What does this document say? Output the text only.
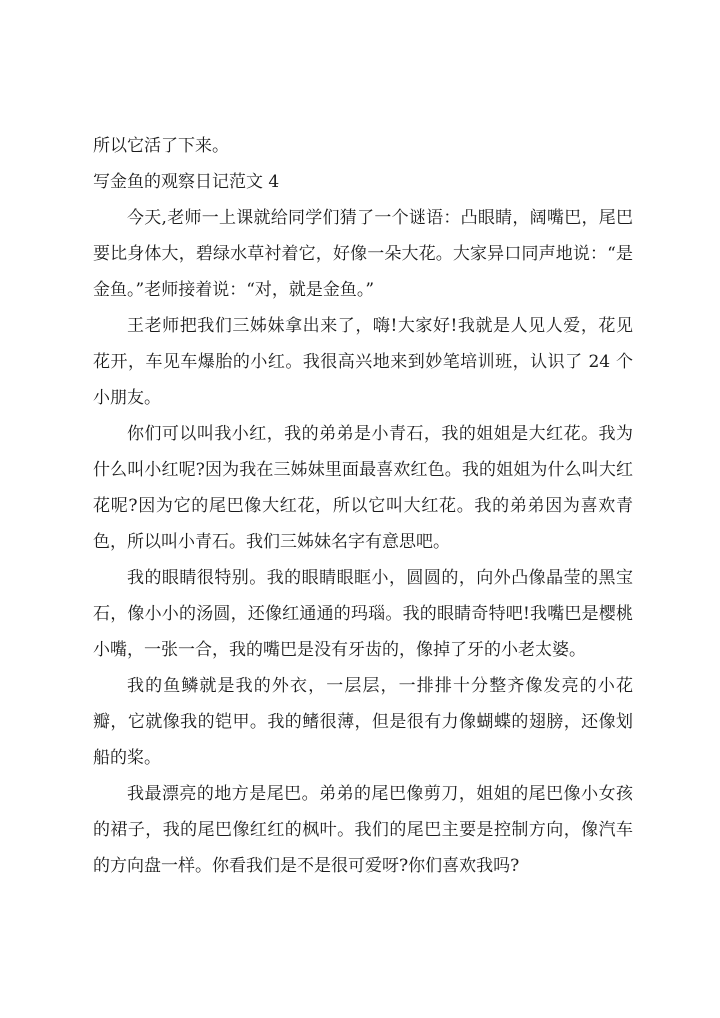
所以它活了下来。

写金鱼的观察日记范文 4

今天,老师一上课就给同学们猜了一个谜语：凸眼睛，阔嘴巴，尾巴要比身体大，碧绿水草衬着它，好像一朵大花。大家异口同声地说：“是金鱼。”老师接着说：“对，就是金鱼。”

王老师把我们三姊妹拿出来了，嗨!大家好!我就是人见人爱，花见花开，车见车爆胎的小红。我很高兴地来到妙笔培训班，认识了 24 个小朋友。

你们可以叫我小红，我的弟弟是小青石，我的姐姐是大红花。我为什么叫小红呢?因为我在三姊妹里面最喜欢红色。我的姐姐为什么叫大红花呢?因为它的尾巴像大红花，所以它叫大红花。我的弟弟因为喜欢青色，所以叫小青石。我们三姊妹名字有意思吧。

我的眼睛很特别。我的眼睛眼眶小，圆圆的，向外凸像晶莹的黑宝石，像小小的汤圆，还像红通通的玛瑙。我的眼睛奇特吧!我嘴巴是樱桃小嘴，一张一合，我的嘴巴是没有牙齿的，像掉了牙的小老太婆。

我的鱼鳞就是我的外衣，一层层，一排排十分整齐像发亮的小花瓣，它就像我的铠甲。我的鳍很薄，但是很有力像蝴蝶的翅膀，还像划船的桨。

我最漂亮的地方是尾巴。弟弟的尾巴像剪刀，姐姐的尾巴像小女孩的裙子，我的尾巴像红红的枫叶。我们的尾巴主要是控制方向，像汽车的方向盘一样。你看我们是不是很可爱呀?你们喜欢我吗?
